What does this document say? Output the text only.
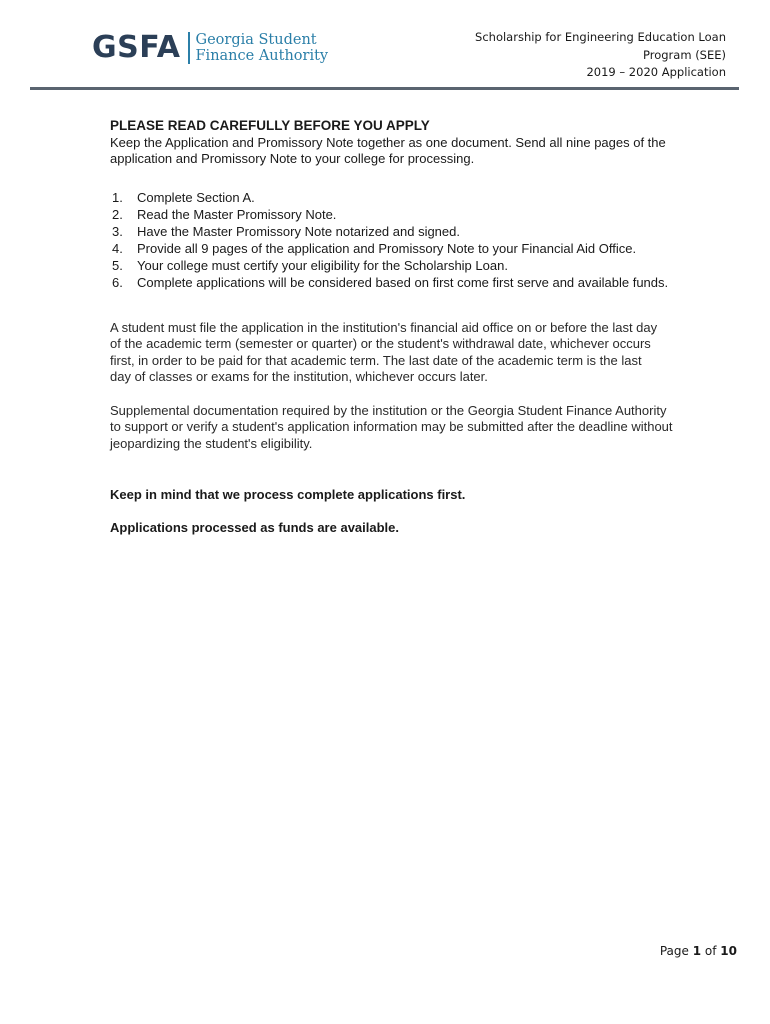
GSFA Georgia Student
Finance Authority
Scholarship for Engineering Education Loan
Program (SEE)
2019 – 2020 Application

PLEASE READ CAREFULLY BEFORE YOU APPLY

Keep the Application and Promissory Note together as one document. Send all nine pages of the
application and Promissory Note to your college for processing.

1.	Complete Section A.
2.	Read the Master Promissory Note.
3.	Have the Master Promissory Note notarized and signed.
4.	Provide all 9 pages of the application and Promissory Note to your Financial Aid Office.
5.	Your college must certify your eligibility for the Scholarship Loan.
6.	Complete applications will be considered based on first come first serve and available funds.

A student must file the application in the institution's financial aid office on or before the last day
of the academic term (semester or quarter) or the student's withdrawal date, whichever occurs
first, in order to be paid for that academic term. The last date of the academic term is the last
day of classes or exams for the institution, whichever occurs later.

Supplemental documentation required by the institution or the Georgia Student Finance Authority
to support or verify a student's application information may be submitted after the deadline without
jeopardizing the student's eligibility.

Keep in mind that we process complete applications first.

Applications processed as funds are available.

Page 1 of 10
